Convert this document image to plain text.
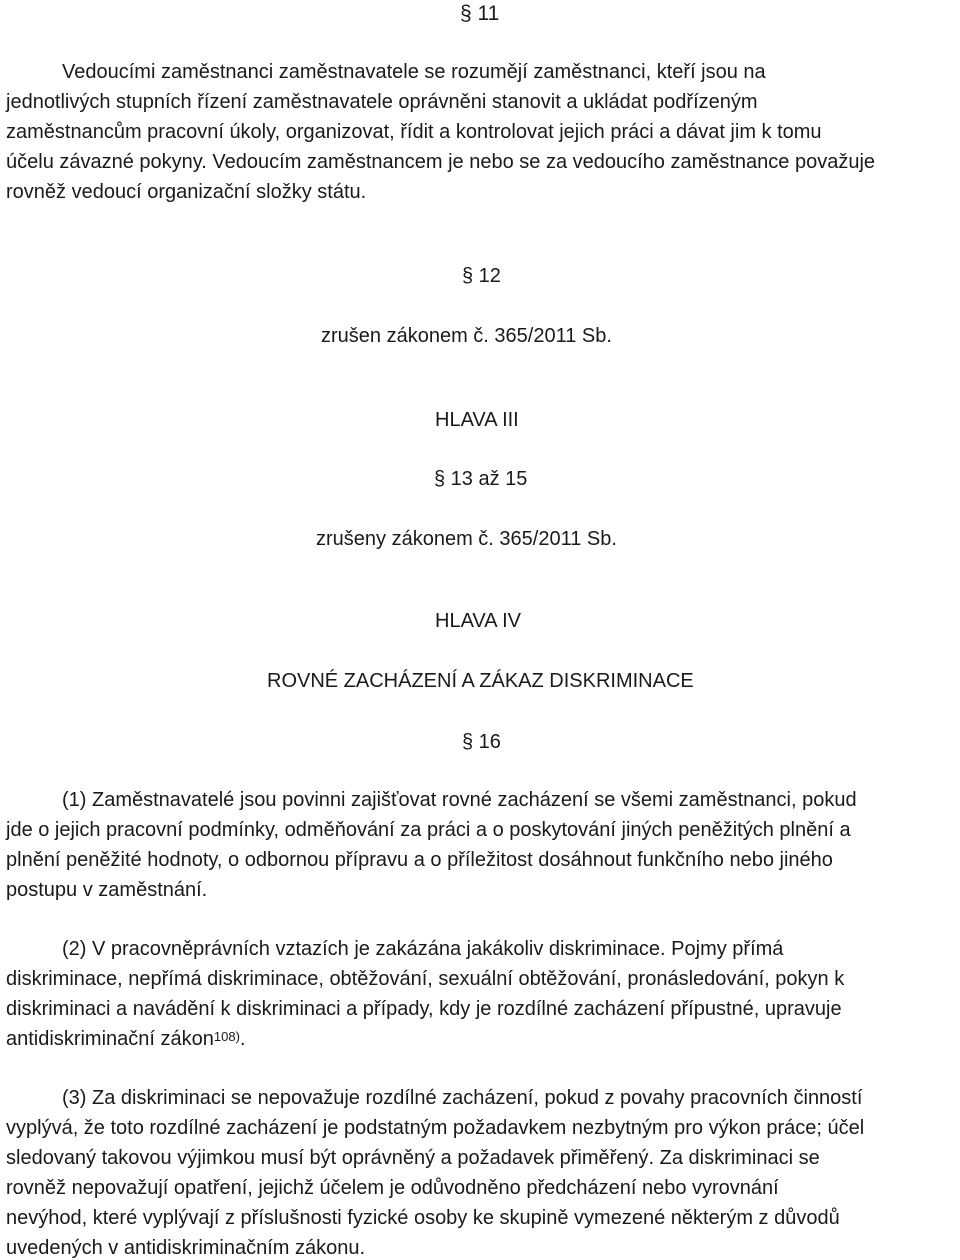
§ 11
Vedoucími zaměstnanci zaměstnavatele se rozumějí zaměstnanci, kteří jsou na
jednotlivých stupních řízení zaměstnavatele oprávněni stanovit a ukládat podřízeným
zaměstnancům pracovní úkoly, organizovat, řídit a kontrolovat jejich práci a dávat jim k tomu
účelu závazné pokyny. Vedoucím zaměstnancem je nebo se za vedoucího zaměstnance považuje
rovněž vedoucí organizační složky státu.
§ 12
zrušen zákonem č. 365/2011 Sb.
HLAVA III
§ 13 až 15
zrušeny zákonem č. 365/2011 Sb.
HLAVA IV
ROVNÉ ZACHÁZENÍ A ZÁKAZ DISKRIMINACE
§ 16
(1) Zaměstnavatelé jsou povinni zajišťovat rovné zacházení se všemi zaměstnanci, pokud
jde o jejich pracovní podmínky, odměňování za práci a o poskytování jiných peněžitých plnění a
plnění peněžité hodnoty, o odbornou přípravu a o příležitost dosáhnout funkčního nebo jiného
postupu v zaměstnání.
(2) V pracovněprávních vztazích je zakázána jakákoliv diskriminace. Pojmy přímá
diskriminace, nepřímá diskriminace, obtěžování, sexuální obtěžování, pronásledování, pokyn k
diskriminaci a navádění k diskriminaci a případy, kdy je rozdílné zacházení přípustné, upravuje
antidiskriminační zákon$^{108)}$.
(3) Za diskriminaci se nepovažuje rozdílné zacházení, pokud z povahy pracovních činností
vyplývá, že toto rozdílné zacházení je podstatným požadavkem nezbytným pro výkon práce; účel
sledovaný takovou výjimkou musí být oprávněný a požadavek přiměřený. Za diskriminaci se
rovněž nepovažují opatření, jejichž účelem je odůvodněno předcházení nebo vyrovnání
nevýhod, které vyplývají z příslušnosti fyzické osoby ke skupině vymezené některým z důvodů
uvedených v antidiskriminačním zákonu.
